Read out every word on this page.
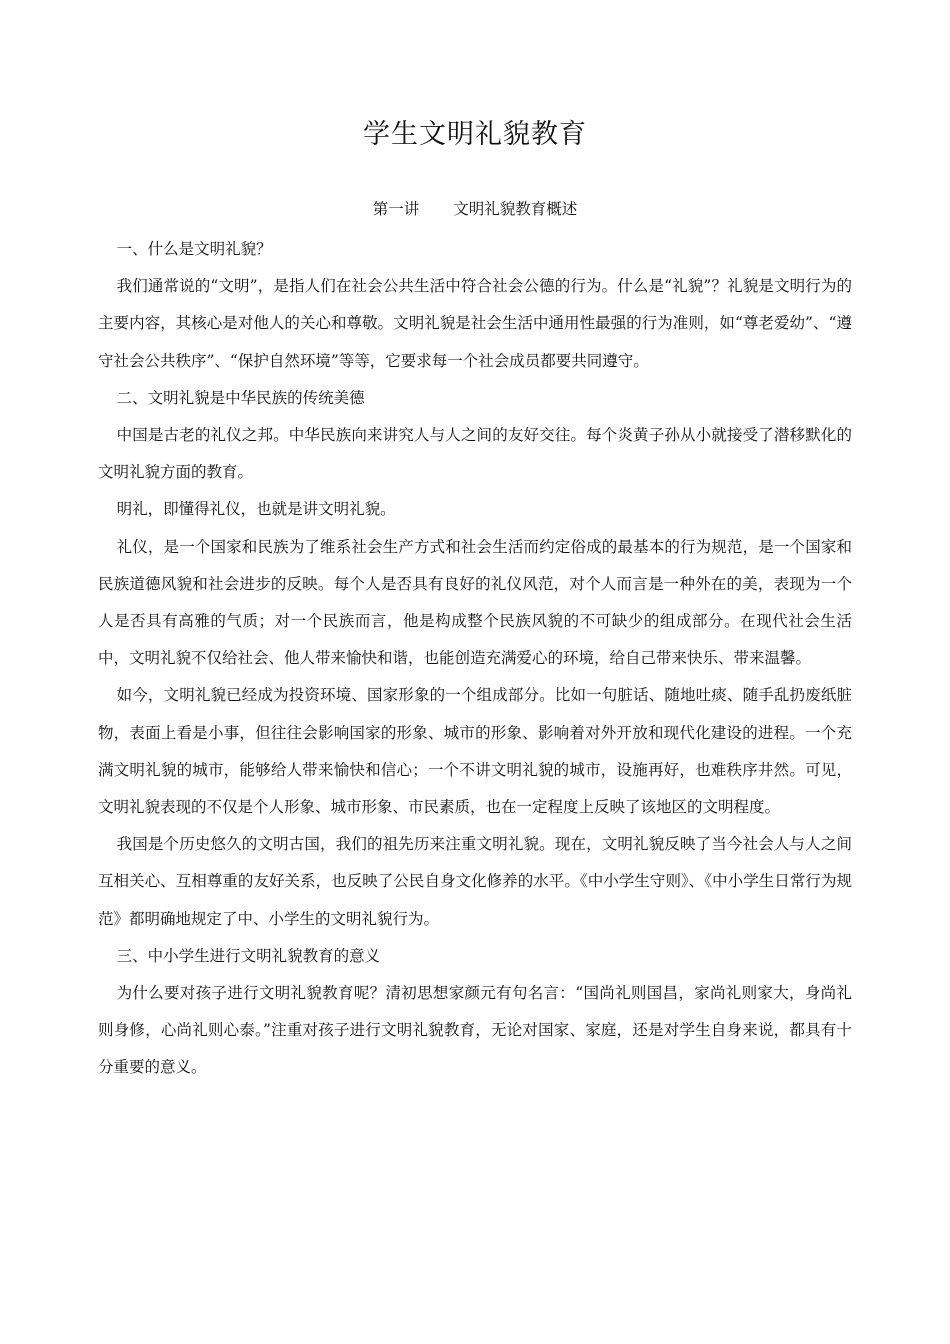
学生文明礼貌教育
第一讲 文明礼貌教育概述

一、什么是文明礼貌？

我们通常说的“文明”，是指人们在社会公共生活中符合社会公德的行为。什么是“礼貌”？礼貌是文明行为的主要内容，其核心是对他人的关心和尊敬。文明礼貌是社会生活中通用性最强的行为准则，如“尊老爱幼”、“遵守社会公共秩序”、“保护自然环境”等等，它要求每一个社会成员都要共同遵守。

二、文明礼貌是中华民族的传统美德

中国是古老的礼仪之邦。中华民族向来讲究人与人之间的友好交往。每个炎黄子孙从小就接受了潜移默化的文明礼貌方面的教育。

明礼，即懂得礼仪，也就是讲文明礼貌。

礼仪，是一个国家和民族为了维系社会生产方式和社会生活而约定俗成的最基本的行为规范，是一个国家和民族道德风貌和社会进步的反映。每个人是否具有良好的礼仪风范，对个人而言是一种外在的美，表现为一个人是否具有高雅的气质；对一个民族而言，他是构成整个民族风貌的不可缺少的组成部分。在现代社会生活中，文明礼貌不仅给社会、他人带来愉快和谐，也能创造充满爱心的环境，给自己带来快乐、带来温馨。

如今，文明礼貌已经成为投资环境、国家形象的一个组成部分。比如一句脏话、随地吐痰、随手乱扔废纸脏物，表面上看是小事，但往往会影响国家的形象、城市的形象、影响着对外开放和现代化建设的进程。一个充满文明礼貌的城市，能够给人带来愉快和信心；一个不讲文明礼貌的城市，设施再好，也难秩序井然。可见，文明礼貌表现的不仅是个人形象、城市形象、市民素质，也在一定程度上反映了该地区的文明程度。

我国是个历史悠久的文明古国，我们的祖先历来注重文明礼貌。现在，文明礼貌反映了当今社会人与人之间互相关心、互相尊重的友好关系，也反映了公民自身文化修养的水平。《中小学生守则》、《中小学生日常行为规范》都明确地规定了中、小学生的文明礼貌行为。

三、中小学生进行文明礼貌教育的意义

为什么要对孩子进行文明礼貌教育呢？清初思想家颜元有句名言：“国尚礼则国昌，家尚礼则家大，身尚礼则身修，心尚礼则心泰。”注重对孩子进行文明礼貌教育，无论对国家、家庭，还是对学生自身来说，都具有十分重要的意义。
